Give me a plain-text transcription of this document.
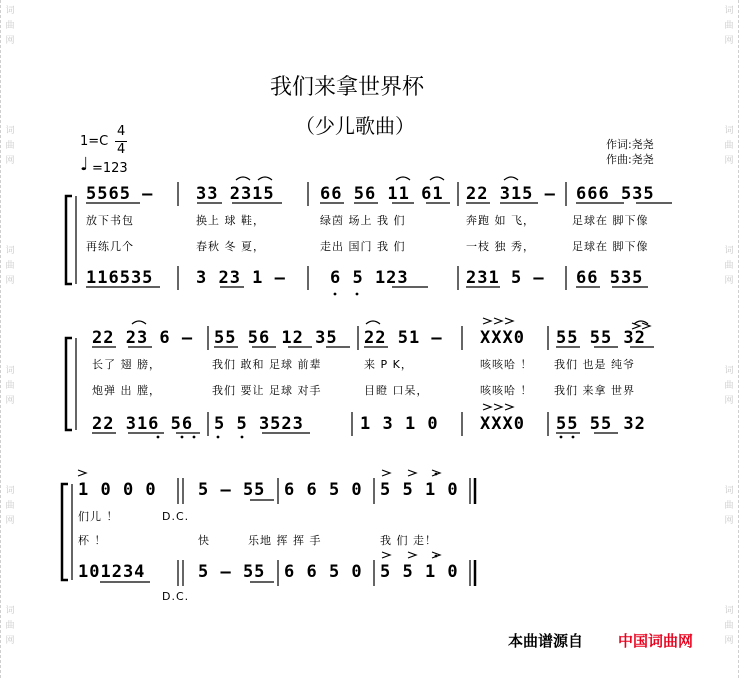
词
曲
网
词
曲
网
词
曲
网
词
曲
网
词
曲
网
词
曲
网
词
曲
网
词
曲
网
词
曲
网
词
曲
网
词
曲
网
词
曲
网
我们来拿世界杯
（少儿歌曲）
1=C
4
4
♩ =123
作词:尧尧
作曲:尧尧
5565 –	33 2315	66 56 11 61 22 315 – 666 535
放下书包	换上 球 鞋，	绿茵 场上 我 们	奔跑 如 飞，	足球在 脚下像
再练几个	春秋 冬 夏，	走出 国门 我 们	一枝 独 秀，	足球在 脚下像
116535	3 23 1 –	6 5 123	231 5 – 66 535
22 23 6 – 55 56 12 35 22 51 – XXX0 55 55 32
长了 翅 膀，	我们 敢和 足球 前辈	来 P K，	咳咳哈 ！ 我们 也是 纯爷
炮弹 出 膛，	我们 要让 足球 对手	目瞪 口呆，	咳咳哈 ！ 我们 来拿 世界
22 316 56 5 5 3523	1 3 1 0 XXX0 55 55 32
1 0 0 0 5 – 55 6 6 5 0 5 5 1 0
们儿 ！	D.C.
杯 ！	快	乐地 挥 挥 手	我 们 走！
101234	5 – 55 6 6 5 0 5 5 1 0
D.C.
本曲谱源自 中国词曲网
